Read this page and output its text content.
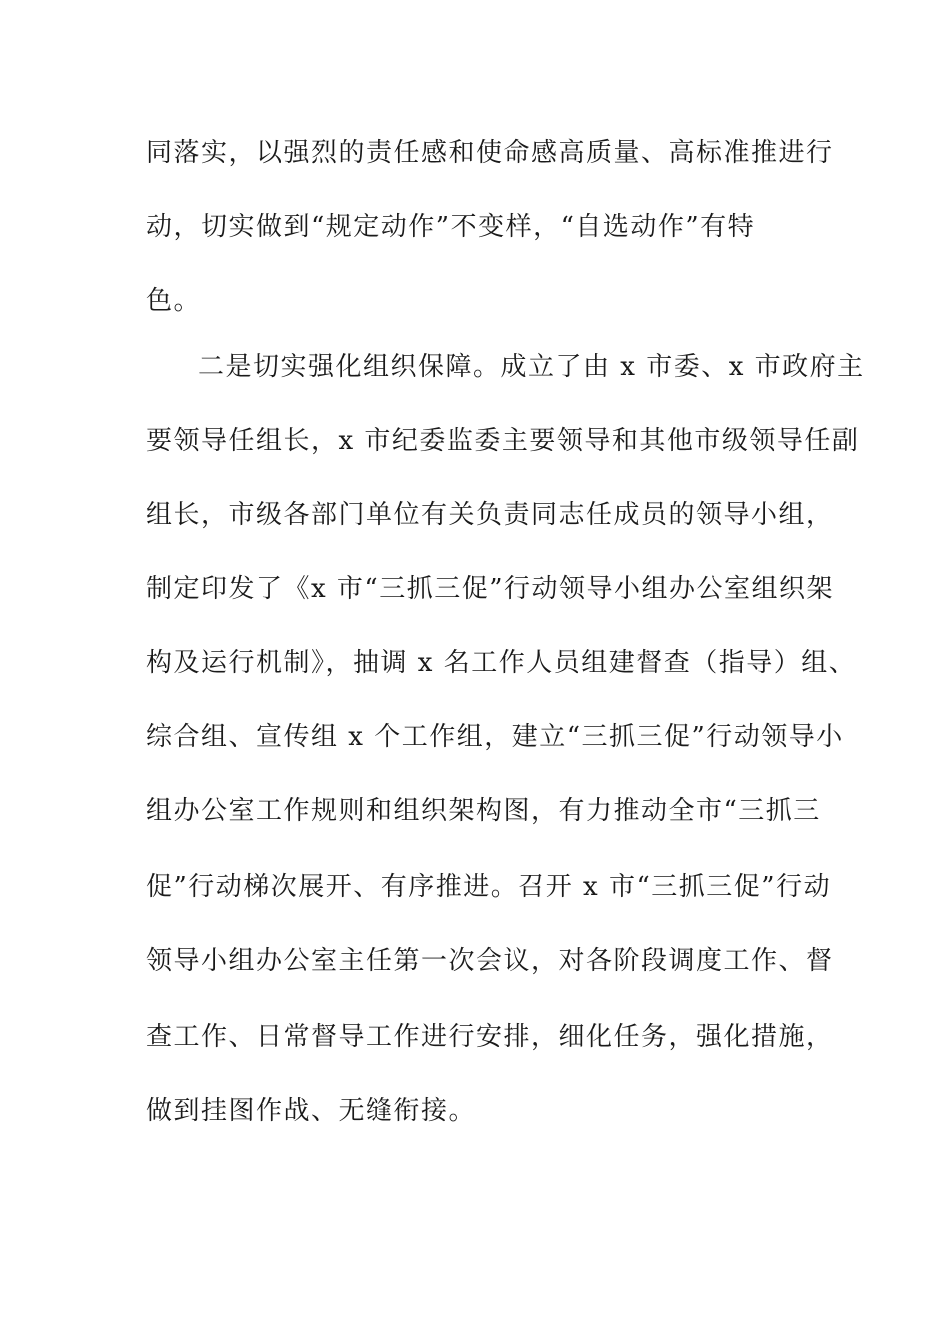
同落实，以强烈的责任感和使命感高质量、高标准推进行
动，切实做到“规定动作”不变样，“自选动作”有特
色。
二是切实强化组织保障。成立了由 x 市委、x 市政府主
要领导任组长，x 市纪委监委主要领导和其他市级领导任副
组长，市级各部门单位有关负责同志任成员的领导小组，
制定印发了《x 市“三抓三促”行动领导小组办公室组织架
构及运行机制》，抽调 x 名工作人员组建督查（指导）组、
综合组、宣传组 x 个工作组，建立“三抓三促”行动领导小
组办公室工作规则和组织架构图，有力推动全市“三抓三
促”行动梯次展开、有序推进。召开 x 市“三抓三促”行动
领导小组办公室主任第一次会议，对各阶段调度工作、督
查工作、日常督导工作进行安排，细化任务，强化措施，
做到挂图作战、无缝衔接。
